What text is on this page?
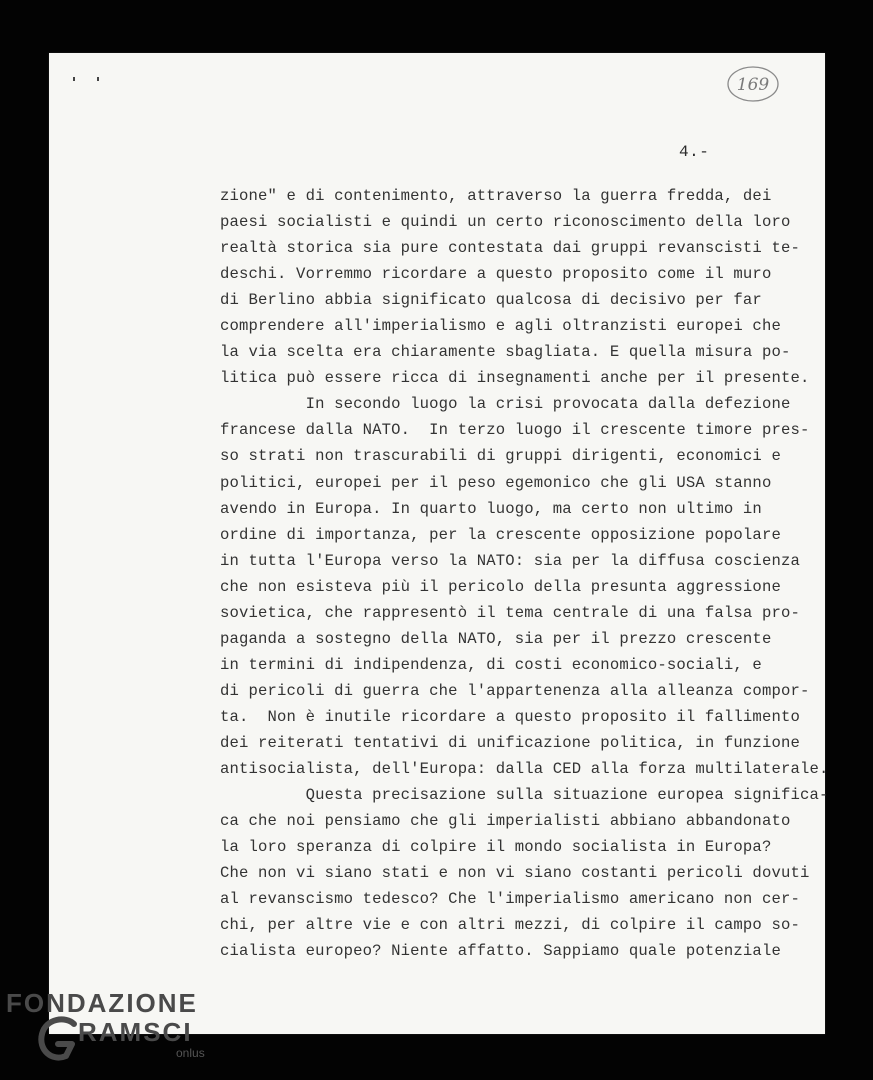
169
4.-
zione" e di contenimento, attraverso la guerra fredda, dei
paesi socialisti e quindi un certo riconoscimento della loro
realtà storica sia pure contestata dai gruppi revanscisti te-
deschi. Vorremmo ricordare a questo proposito come il muro
di Berlino abbia significato qualcosa di decisivo per far
comprendere all'imperialismo e agli oltranzisti europei che
la via scelta era chiaramente sbagliata. E quella misura po-
litica può essere ricca di insegnamenti anche per il presente.
In secondo luogo la crisi provocata dalla defezione
francese dalla NATO.  In terzo luogo il crescente timore pres-
so strati non trascurabili di gruppi dirigenti, economici e
politici, europei per il peso egemonico che gli USA stanno
avendo in Europa. In quarto luogo, ma certo non ultimo in
ordine di importanza, per la crescente opposizione popolare
in tutta l'Europa verso la NATO: sia per la diffusa coscienza
che non esisteva più il pericolo della presunta aggressione
sovietica, che rappresentò il tema centrale di una falsa pro-
paganda a sostegno della NATO, sia per il prezzo crescente
in termini di indipendenza, di costi economico-sociali, e
di pericoli di guerra che l'appartenenza alla alleanza compor-
ta.  Non è inutile ricordare a questo proposito il fallimento
dei reiterati tentativi di unificazione politica, in funzione
antisocialista, dell'Europa: dalla CED alla forza multilaterale.
Questa precisazione sulla situazione europea significa-
ca che noi pensiamo che gli imperialisti abbiano abbandonato
la loro speranza di colpire il mondo socialista in Europa?
Che non vi siano stati e non vi siano costanti pericoli dovuti
al revanscismo tedesco? Che l'imperialismo americano non cer-
chi, per altre vie e con altri mezzi, di colpire il campo so-
cialista europeo? Niente affatto. Sappiamo quale potenziale
FONDAZIONE
RAMSCI
onlus
